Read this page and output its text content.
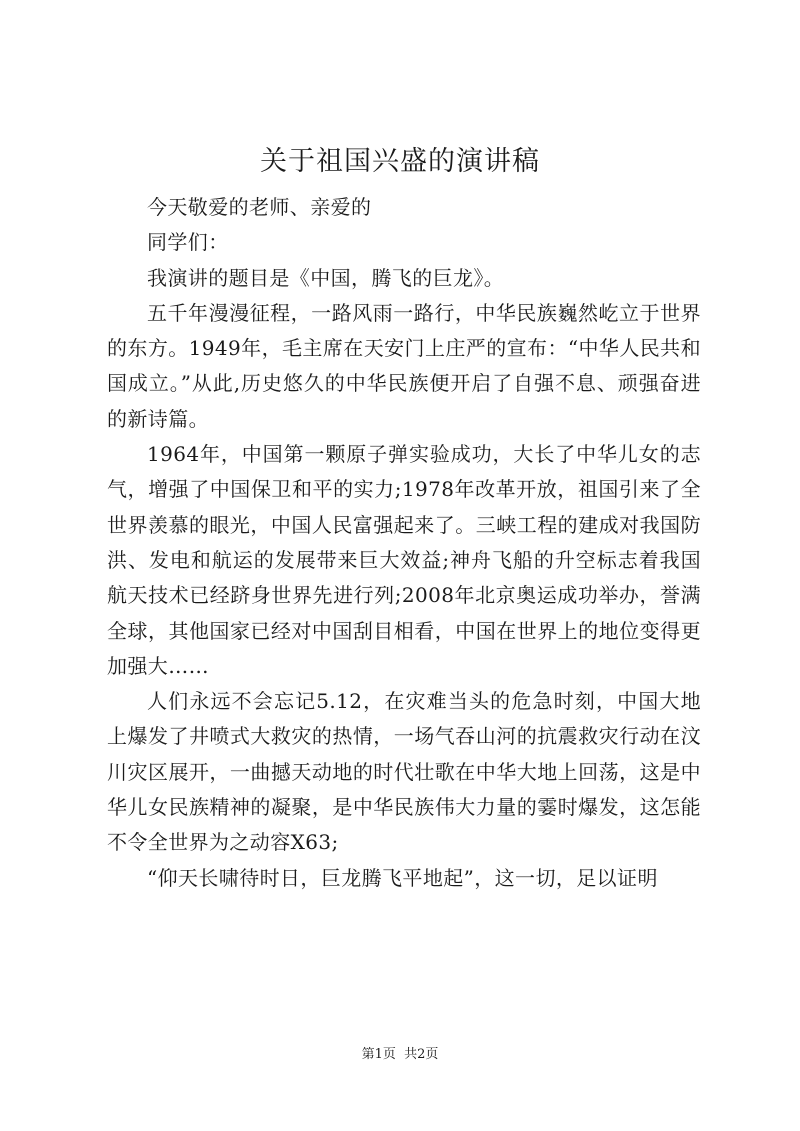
关于祖国兴盛的演讲稿

今天敬爱的老师、亲爱的

同学们：

我演讲的题目是《中国，腾飞的巨龙》。

五千年漫漫征程，一路风雨一路行，中华民族巍然屹立于世界的东方。1949年，毛主席在天安门上庄严的宣布：“中华人民共和国成立。”从此,历史悠久的中华民族便开启了自强不息、顽强奋进的新诗篇。

1964年，中国第一颗原子弹实验成功，大长了中华儿女的志气，增强了中国保卫和平的实力;1978年改革开放，祖国引来了全世界羡慕的眼光，中国人民富强起来了。三峡工程的建成对我国防洪、发电和航运的发展带来巨大效益;神舟飞船的升空标志着我国航天技术已经跻身世界先进行列;2008年北京奥运成功举办，誉满全球，其他国家已经对中国刮目相看，中国在世界上的地位变得更加强大……

人们永远不会忘记5.12，在灾难当头的危急时刻，中国大地上爆发了井喷式大救灾的热情，一场气吞山河的抗震救灾行动在汶川灾区展开，一曲撼天动地的时代壮歌在中华大地上回荡，这是中华儿女民族精神的凝聚，是中华民族伟大力量的霎时爆发，这怎能不令全世界为之动容X63;

“仰天长啸待时日，巨龙腾飞平地起”，这一切，足以证明

第1页 共2页
